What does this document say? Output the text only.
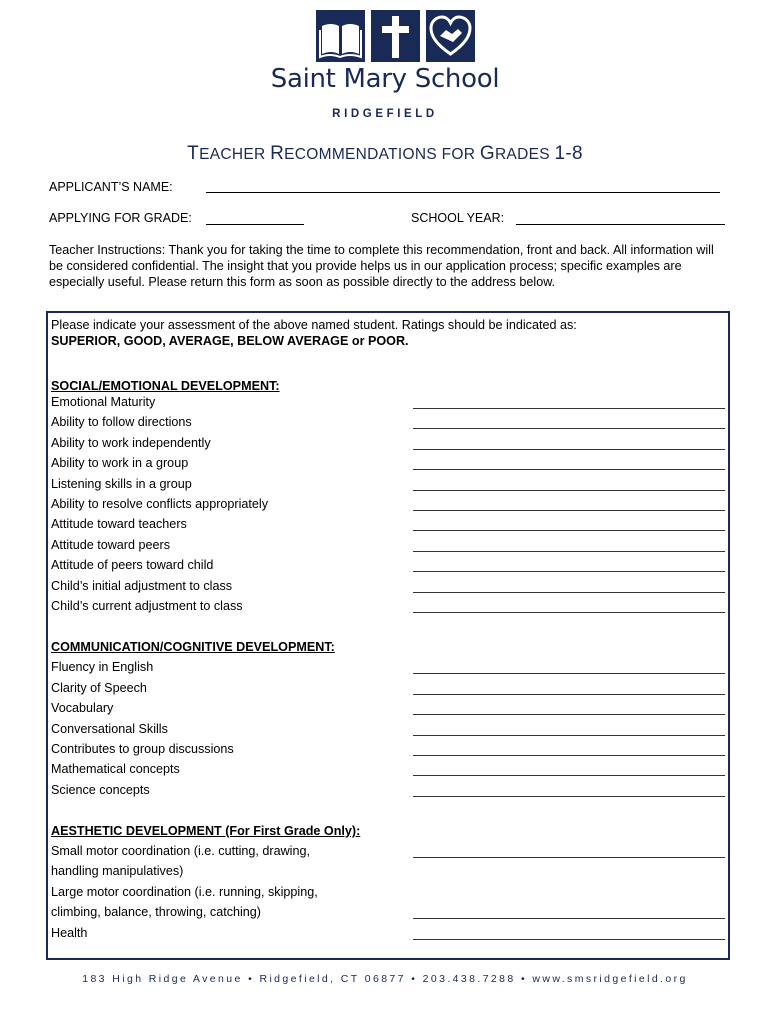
Saint Mary School
RIDGEFIELD
TEACHER RECOMMENDATIONS FOR GRADES 1-8
APPLICANT’S NAME:
APPLYING FOR GRADE:	SCHOOL YEAR:
Teacher Instructions: Thank you for taking the time to complete this recommendation, front and back. All information will be considered confidential. The insight that you provide helps us in our application process; specific examples are especially useful. Please return this form as soon as possible directly to the address below.
Please indicate your assessment of the above named student. Ratings should be indicated as:
SUPERIOR, GOOD, AVERAGE, BELOW AVERAGE or POOR.
SOCIAL/EMOTIONAL DEVELOPMENT:
Emotional Maturity
Ability to follow directions
Ability to work independently
Ability to work in a group
Listening skills in a group
Ability to resolve conflicts appropriately
Attitude toward teachers
Attitude toward peers
Attitude of peers toward child
Child’s initial adjustment to class
Child’s current adjustment to class
COMMUNICATION/COGNITIVE DEVELOPMENT:
Fluency in English
Clarity of Speech
Vocabulary
Conversational Skills
Contributes to group discussions
Mathematical concepts
Science concepts
AESTHETIC DEVELOPMENT (For First Grade Only):
Small motor coordination (i.e. cutting, drawing,
handling manipulatives)
Large motor coordination (i.e. running, skipping,
climbing, balance, throwing, catching)
Health
183 High Ridge Avenue • Ridgefield, CT 06877 • 203.438.7288 • www.smsridgefield.org
